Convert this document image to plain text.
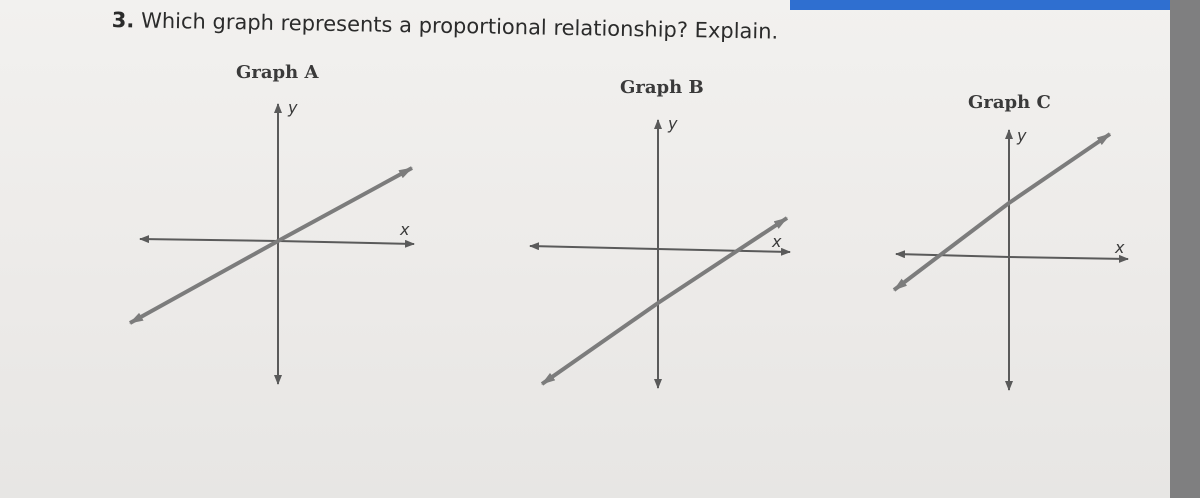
3. Which graph represents a proportional relationship? Explain.
Graph A
Graph B
Graph C
y
x
y
x
y
x
